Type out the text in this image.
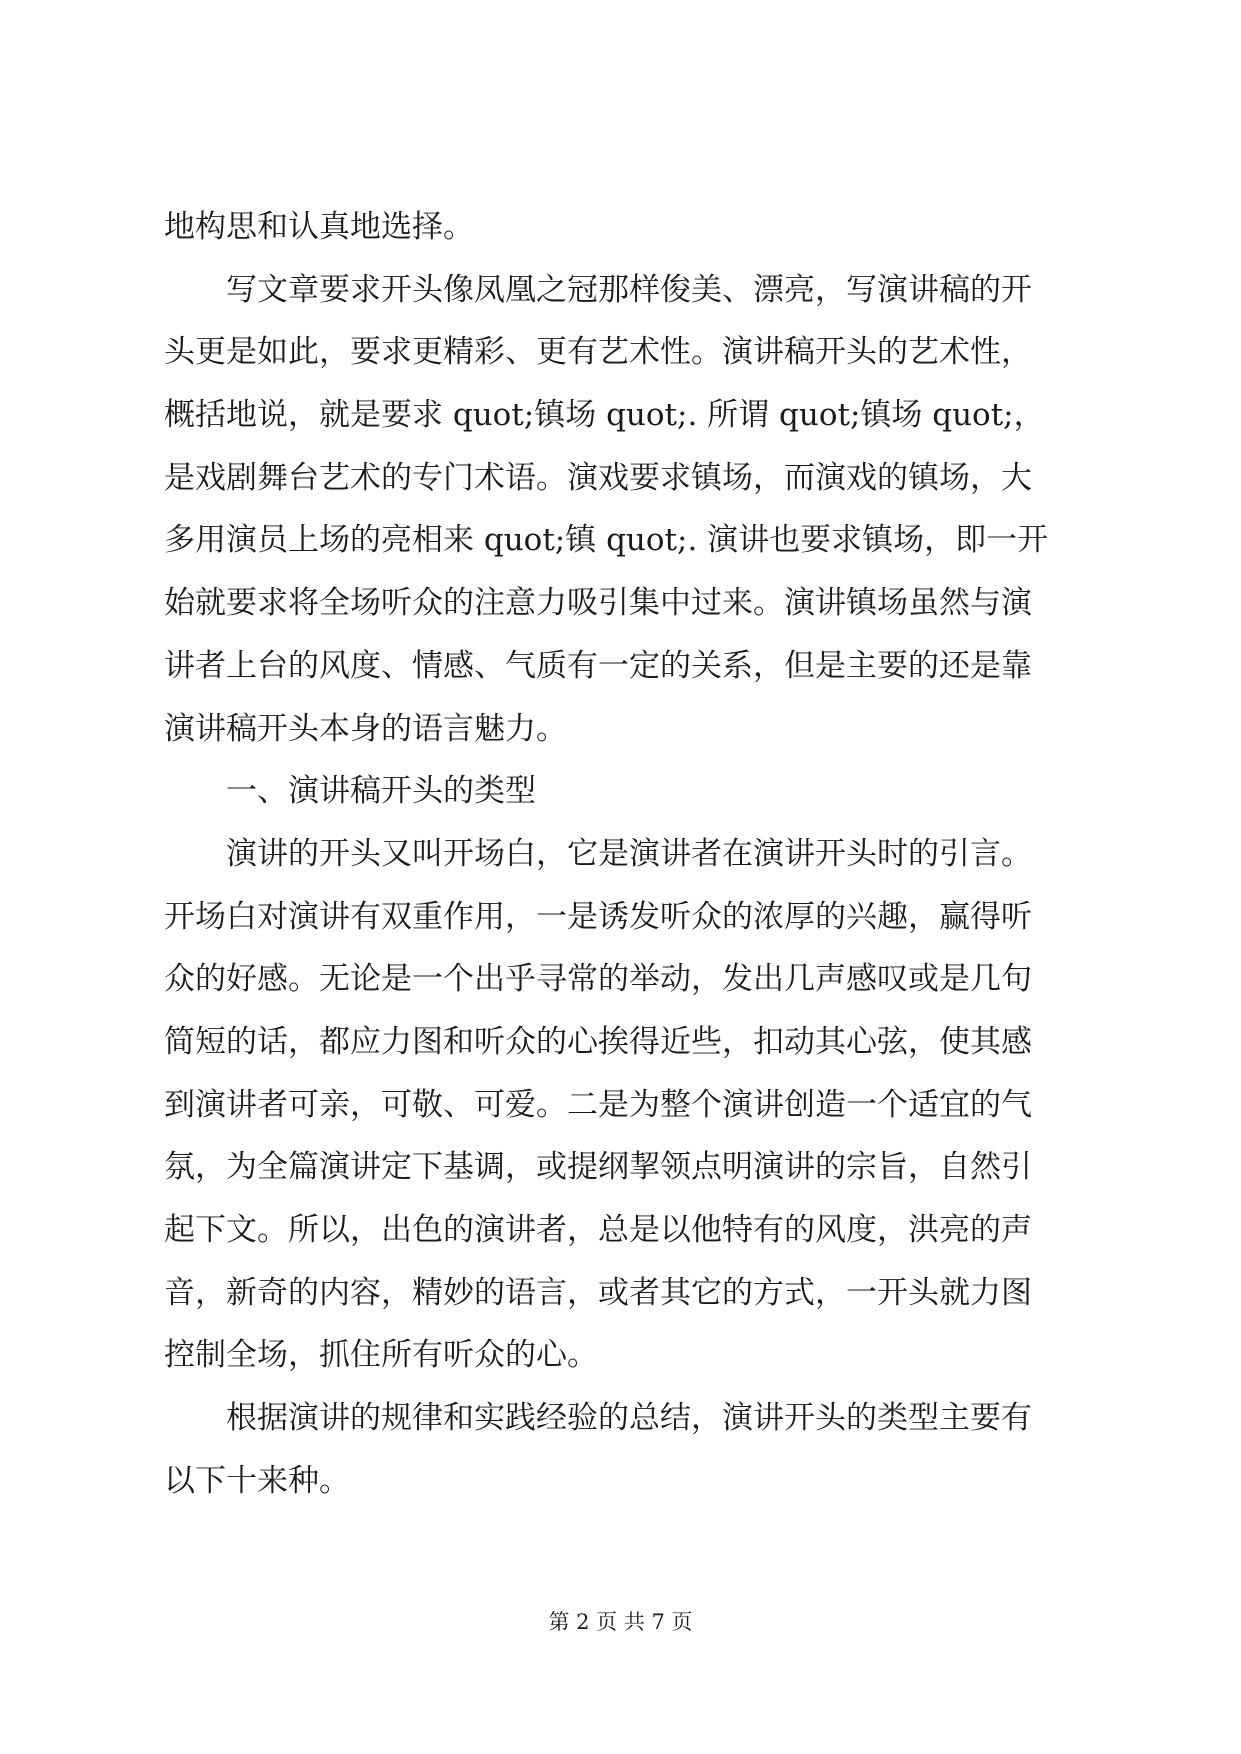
地构思和认真地选择。
　　写文章要求开头像凤凰之冠那样俊美、漂亮，写演讲稿的开
头更是如此，要求更精彩、更有艺术性。演讲稿开头的艺术性，
概括地说，就是要求 quot;镇场 quot;. 所谓 quot;镇场 quot;，
是戏剧舞台艺术的专门术语。演戏要求镇场，而演戏的镇场，大
多用演员上场的亮相来 quot;镇 quot;. 演讲也要求镇场，即一开
始就要求将全场听众的注意力吸引集中过来。演讲镇场虽然与演
讲者上台的风度、情感、气质有一定的关系，但是主要的还是靠
演讲稿开头本身的语言魅力。
　　一、演讲稿开头的类型
　　演讲的开头又叫开场白，它是演讲者在演讲开头时的引言。
开场白对演讲有双重作用，一是诱发听众的浓厚的兴趣，赢得听
众的好感。无论是一个出乎寻常的举动，发出几声感叹或是几句
简短的话，都应力图和听众的心挨得近些，扣动其心弦，使其感
到演讲者可亲，可敬、可爱。二是为整个演讲创造一个适宜的气
氛，为全篇演讲定下基调，或提纲挈领点明演讲的宗旨，自然引
起下文。所以，出色的演讲者，总是以他特有的风度，洪亮的声
音，新奇的内容，精妙的语言，或者其它的方式，一开头就力图
控制全场，抓住所有听众的心。
　　根据演讲的规律和实践经验的总结，演讲开头的类型主要有
以下十来种。
第 2 页 共 7 页
